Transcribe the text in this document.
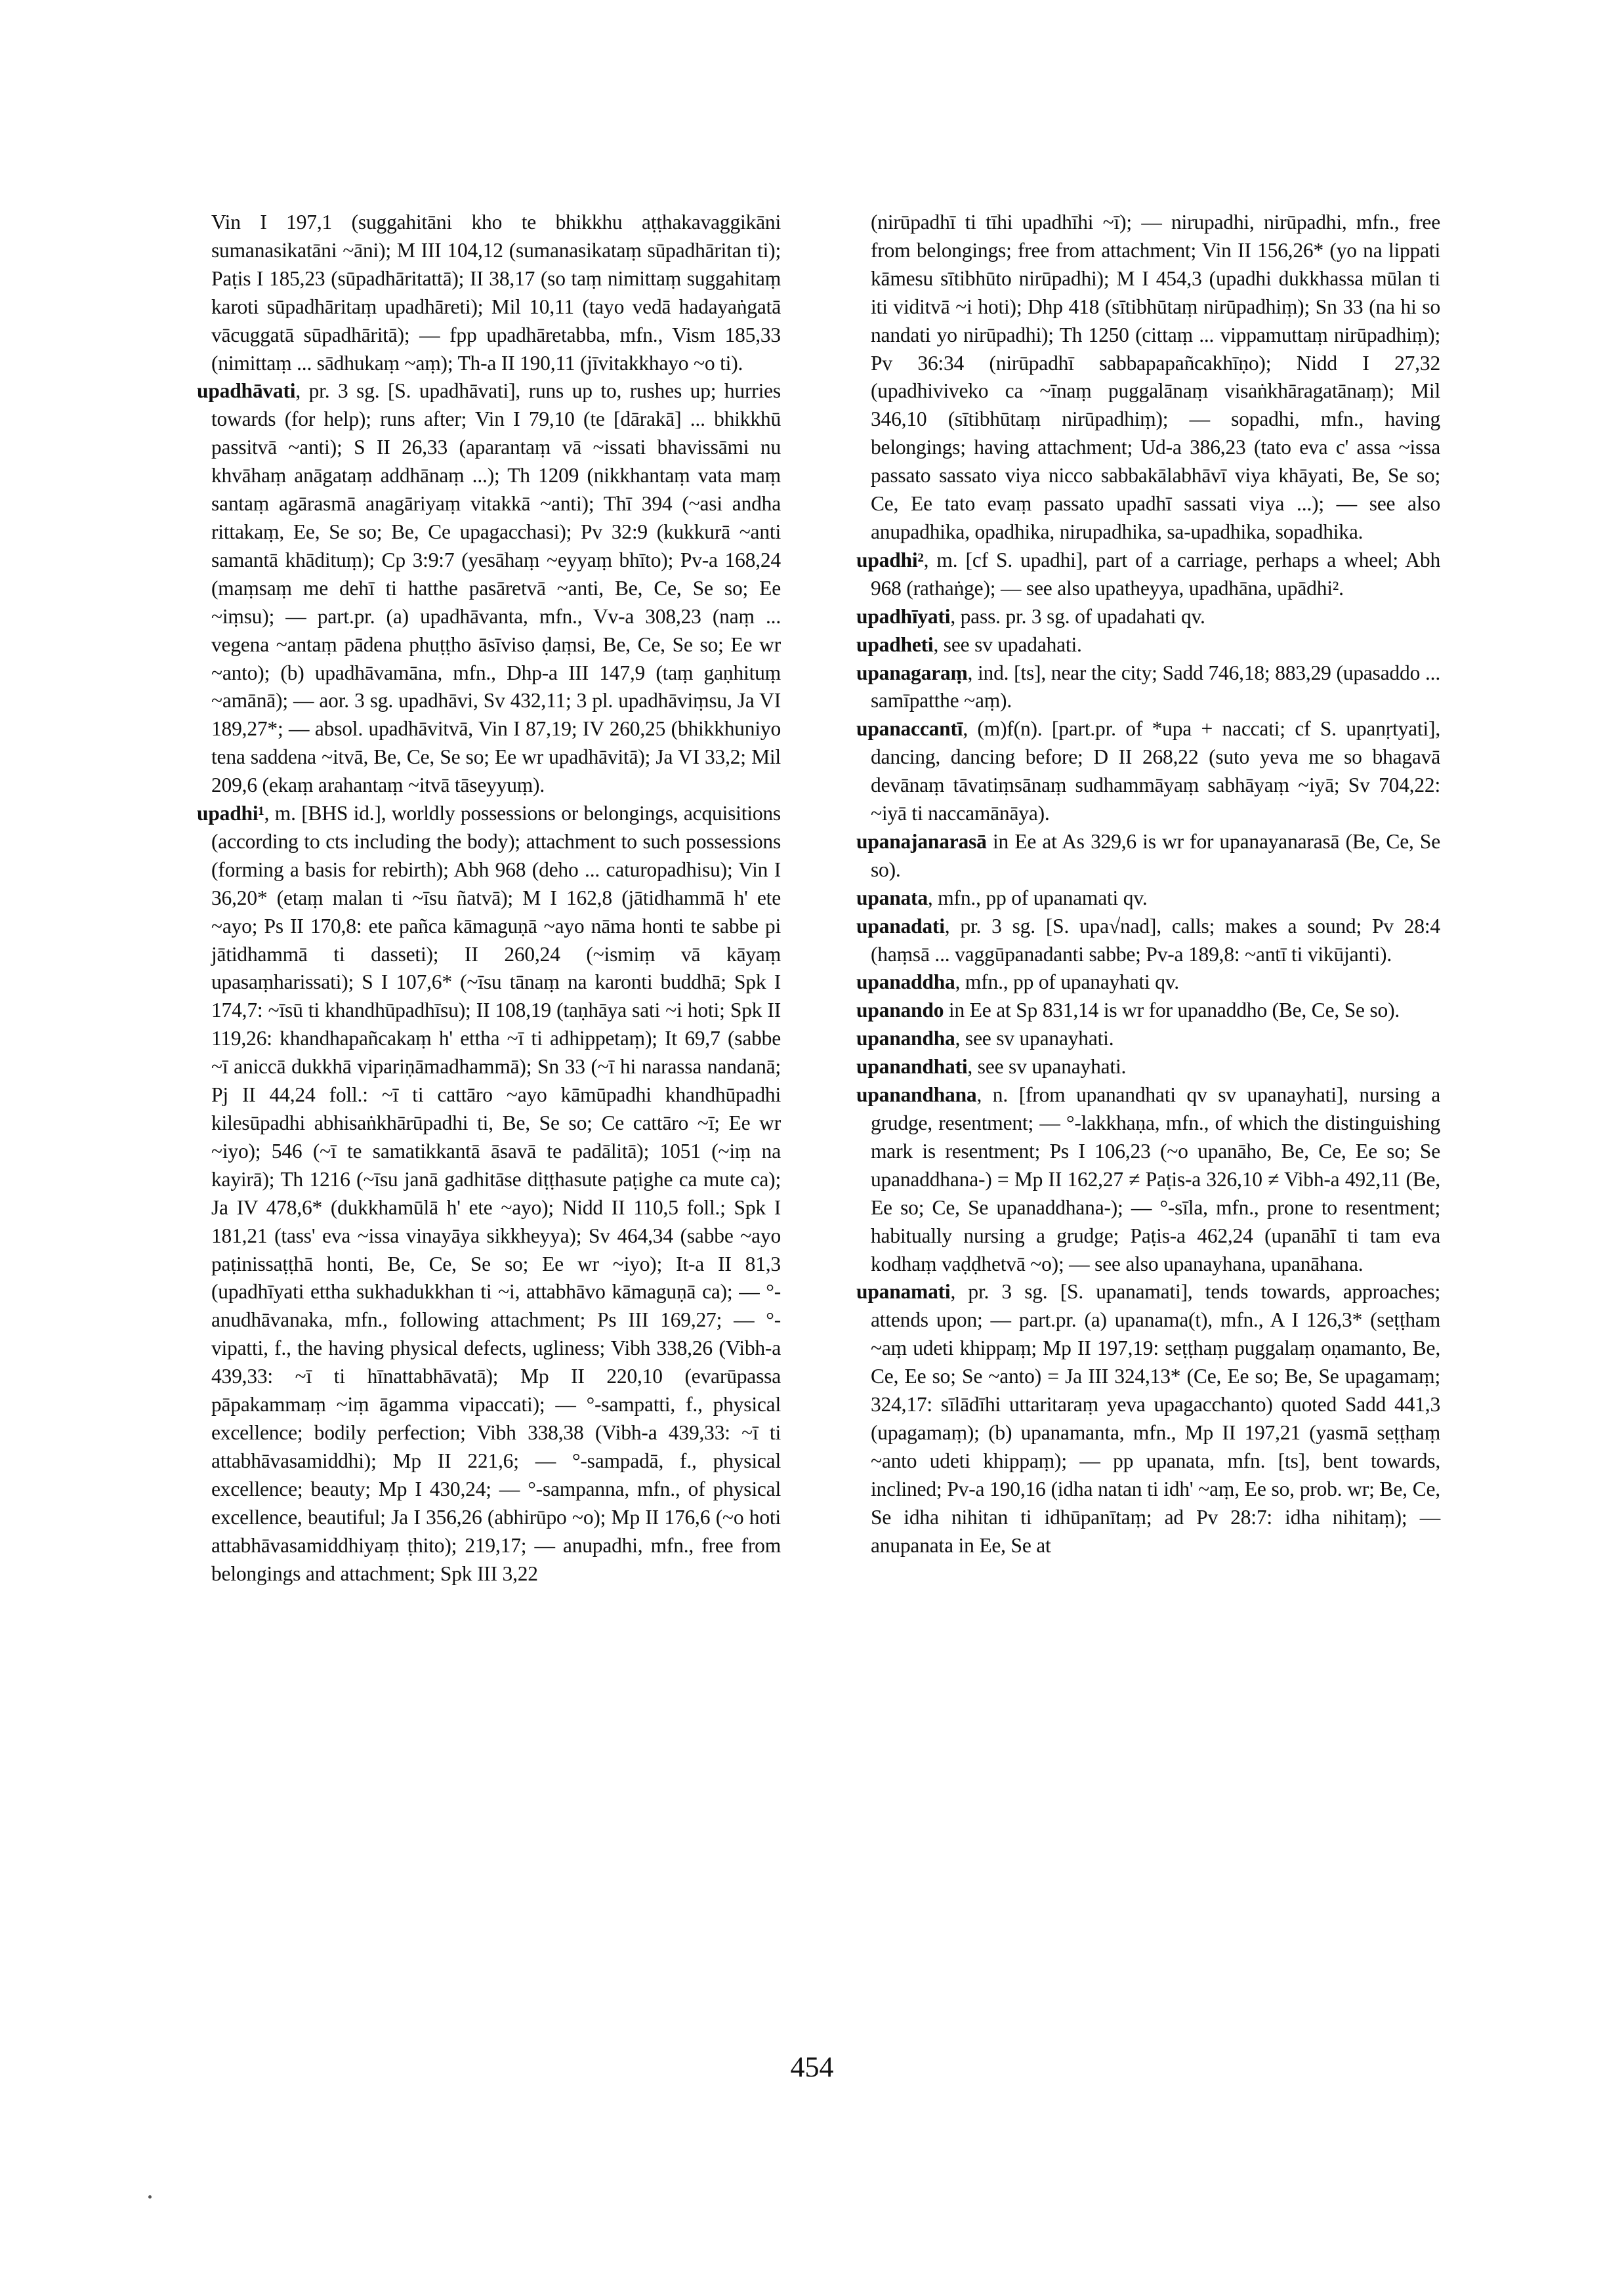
Vin I 197,1 (suggahitāni kho te bhikkhu aṭṭhakavaggikāni sumanasikatāni ~āni); M III 104,12 (sumanasikataṃ sūpadhāritan ti); Paṭis I 185,23 (sūpadhāritattā); II 38,17 (so taṃ nimittaṃ suggahitaṃ karoti sūpadhāritaṃ upadhāreti); Mil 10,11 (tayo vedā hadayaṅgatā vācuggatā sūpadhāritā); — fpp upadhāretabba, mfn., Vism 185,33 (nimittaṃ ... sādhukaṃ ~aṃ); Th-a II 190,11 (jīvitakkhayo ~o ti).

upadhāvati, pr. 3 sg. [S. upadhāvati], runs up to, rushes up; hurries towards (for help); runs after; Vin I 79,10 (te [dārakā] ... bhikkhū passitvā ~anti); S II 26,33 (aparantaṃ vā ~issati bhavissāmi nu khvāhaṃ anāgataṃ addhānaṃ ...); Th 1209 (nikkhantaṃ vata maṃ santaṃ agārasmā anagāriyaṃ vitakkā ~anti); Thī 394 (~asi andha rittakaṃ, Ee, Se so; Be, Ce upagacchasi); Pv 32:9 (kukkurā ~anti samantā khādituṃ); Cp 3:9:7 (yesāhaṃ ~eyyaṃ bhīto); Pv-a 168,24 (maṃsaṃ me dehī ti hatthe pasāretvā ~anti, Be, Ce, Se so; Ee ~iṃsu); — part.pr. (a) upadhāvanta, mfn., Vv-a 308,23 (naṃ ... vegena ~antaṃ pādena phuṭṭho āsīviso ḍaṃsi, Be, Ce, Se so; Ee wr ~anto); (b) upadhāvamāna, mfn., Dhp-a III 147,9 (taṃ gaṇhituṃ ~amānā); — aor. 3 sg. upadhāvi, Sv 432,11; 3 pl. upadhāviṃsu, Ja VI 189,27*; — absol. upadhāvitvā, Vin I 87,19; IV 260,25 (bhikkhuniyo tena saddena ~itvā, Be, Ce, Se so; Ee wr upadhāvitā); Ja VI 33,2; Mil 209,6 (ekaṃ arahantaṃ ~itvā tāseyyuṃ).

upadhi¹, m. [BHS id.], worldly possessions or belongings, acquisitions (according to cts including the body); attachment to such possessions (forming a basis for rebirth); Abh 968 (deho ... caturopadhisu); Vin I 36,20* (etaṃ malan ti ~īsu ñatvā); M I 162,8 (jātidhammā h' ete ~ayo; Ps II 170,8: ete pañca kāmaguṇā ~ayo nāma honti te sabbe pi jātidhammā ti dasseti); II 260,24 (~ismiṃ vā kāyaṃ upasaṃharissati); S I 107,6* (~īsu tānaṃ na karonti buddhā; Spk I 174,7: ~īsū ti khandhūpadhīsu); II 108,19 (taṇhāya sati ~i hoti; Spk II 119,26: khandhapañcakaṃ h' ettha ~ī ti adhippetaṃ); It 69,7 (sabbe ~ī aniccā dukkhā vipariṇāmadhammā); Sn 33 (~ī hi narassa nandanā; Pj II 44,24 foll.: ~ī ti cattāro ~ayo kāmūpadhi khandhūpadhi kilesūpadhi abhisaṅkhārūpadhi ti, Be, Se so; Ce cattāro ~ī; Ee wr ~iyo); 546 (~ī te samatikkantā āsavā te padālitā); 1051 (~iṃ na kayirā); Th 1216 (~īsu janā gadhitāse diṭṭhasute paṭighe ca mute ca); Ja IV 478,6* (dukkhamūlā h' ete ~ayo); Nidd II 110,5 foll.; Spk I 181,21 (tass' eva ~issa vinayāya sikkheyya); Sv 464,34 (sabbe ~ayo paṭinissaṭṭhā honti, Be, Ce, Se so; Ee wr ~iyo); It-a II 81,3 (upadhīyati ettha sukhadukkhan ti ~i, attabhāvo kāmaguṇā ca); — °-anudhāvanaka, mfn., following attachment; Ps III 169,27; — °-vipatti, f., the having physical defects, ugliness; Vibh 338,26 (Vibh-a 439,33: ~ī ti hīnattabhāvatā); Mp II 220,10 (evarūpassa pāpakammaṃ ~iṃ āgamma vipaccati); — °-sampatti, f., physical excellence; bodily perfection; Vibh 338,38 (Vibh-a 439,33: ~ī ti attabhāvasamiddhi); Mp II 221,6; — °-sampadā, f., physical excellence; beauty; Mp I 430,24; — °-sampanna, mfn., of physical excellence, beautiful; Ja I 356,26 (abhirūpo ~o); Mp II 176,6 (~o hoti attabhāvasamiddhiyaṃ ṭhito); 219,17; — anupadhi, mfn., free from belongings and attachment; Spk III 3,22

(nirūpadhī ti tīhi upadhīhi ~ī); — nirupadhi, nirūpadhi, mfn., free from belongings; free from attachment; Vin II 156,26* (yo na lippati kāmesu sītibhūto nirūpadhi); M I 454,3 (upadhi dukkhassa mūlan ti iti viditvā ~i hoti); Dhp 418 (sītibhūtaṃ nirūpadhiṃ); Sn 33 (na hi so nandati yo nirūpadhi); Th 1250 (cittaṃ ... vippamuttaṃ nirūpadhiṃ); Pv 36:34 (nirūpadhī sabbapapañcakhīṇo); Nidd I 27,32 (upadhiviveko ca ~īnaṃ puggalānaṃ visaṅkhāragatānaṃ); Mil 346,10 (sītibhūtaṃ nirūpadhiṃ); — sopadhi, mfn., having belongings; having attachment; Ud-a 386,23 (tato eva c' assa ~issa passato sassato viya nicco sabbakālabhāvī viya khāyati, Be, Se so; Ce, Ee tato evaṃ passato upadhī sassati viya ...); — see also anupadhika, opadhika, nirupadhika, sa-upadhika, sopadhika.

upadhi², m. [cf S. upadhi], part of a carriage, perhaps a wheel; Abh 968 (rathaṅge); — see also upatheyya, upadhāna, upādhi².

upadhīyati, pass. pr. 3 sg. of upadahati qv.

upadheti, see sv upadahati.

upanagaraṃ, ind. [ts], near the city; Sadd 746,18; 883,29 (upasaddo ... samīpatthe ~aṃ).

upanaccantī, (m)f(n). [part.pr. of *upa + naccati; cf S. upanṛtyati], dancing, dancing before; D II 268,22 (suto yeva me so bhagavā devānaṃ tāvatiṃsānaṃ sudhammāyaṃ sabhāyaṃ ~iyā; Sv 704,22: ~iyā ti naccamānāya).

upanajanarasā in Ee at As 329,6 is wr for upanayanarasā (Be, Ce, Se so).

upanata, mfn., pp of upanamati qv.

upanadati, pr. 3 sg. [S. upa√nad], calls; makes a sound; Pv 28:4 (haṃsā ... vaggūpanadanti sabbe; Pv-a 189,8: ~antī ti vikūjanti).

upanaddha, mfn., pp of upanayhati qv.

upanando in Ee at Sp 831,14 is wr for upanaddho (Be, Ce, Se so).

upanandha, see sv upanayhati.

upanandhati, see sv upanayhati.

upanandhana, n. [from upanandhati qv sv upanayhati], nursing a grudge, resentment; — °-lakkhaṇa, mfn., of which the distinguishing mark is resentment; Ps I 106,23 (~o upanāho, Be, Ce, Ee so; Se upanaddhana-) = Mp II 162,27 ≠ Paṭis-a 326,10 ≠ Vibh-a 492,11 (Be, Ee so; Ce, Se upanaddhana-); — °-sīla, mfn., prone to resentment; habitually nursing a grudge; Paṭis-a 462,24 (upanāhī ti tam eva kodhaṃ vaḍḍhetvā ~o); — see also upanayhana, upanāhana.

upanamati, pr. 3 sg. [S. upanamati], tends towards, approaches; attends upon; — part.pr. (a) upanama(t), mfn., A I 126,3* (seṭṭham ~aṃ udeti khippaṃ; Mp II 197,19: seṭṭhaṃ puggalaṃ oṇamanto, Be, Ce, Ee so; Se ~anto) = Ja III 324,13* (Ce, Ee so; Be, Se upagamaṃ; 324,17: sīlādīhi uttaritaraṃ yeva upagacchanto) quoted Sadd 441,3 (upagamaṃ); (b) upanamanta, mfn., Mp II 197,21 (yasmā seṭṭhaṃ ~anto udeti khippaṃ); — pp upanata, mfn. [ts], bent towards, inclined; Pv-a 190,16 (idha natan ti idh' ~aṃ, Ee so, prob. wr; Be, Ce, Se idha nihitan ti idhūpanītaṃ; ad Pv 28:7: idha nihitaṃ); — anupanata in Ee, Se at

454
